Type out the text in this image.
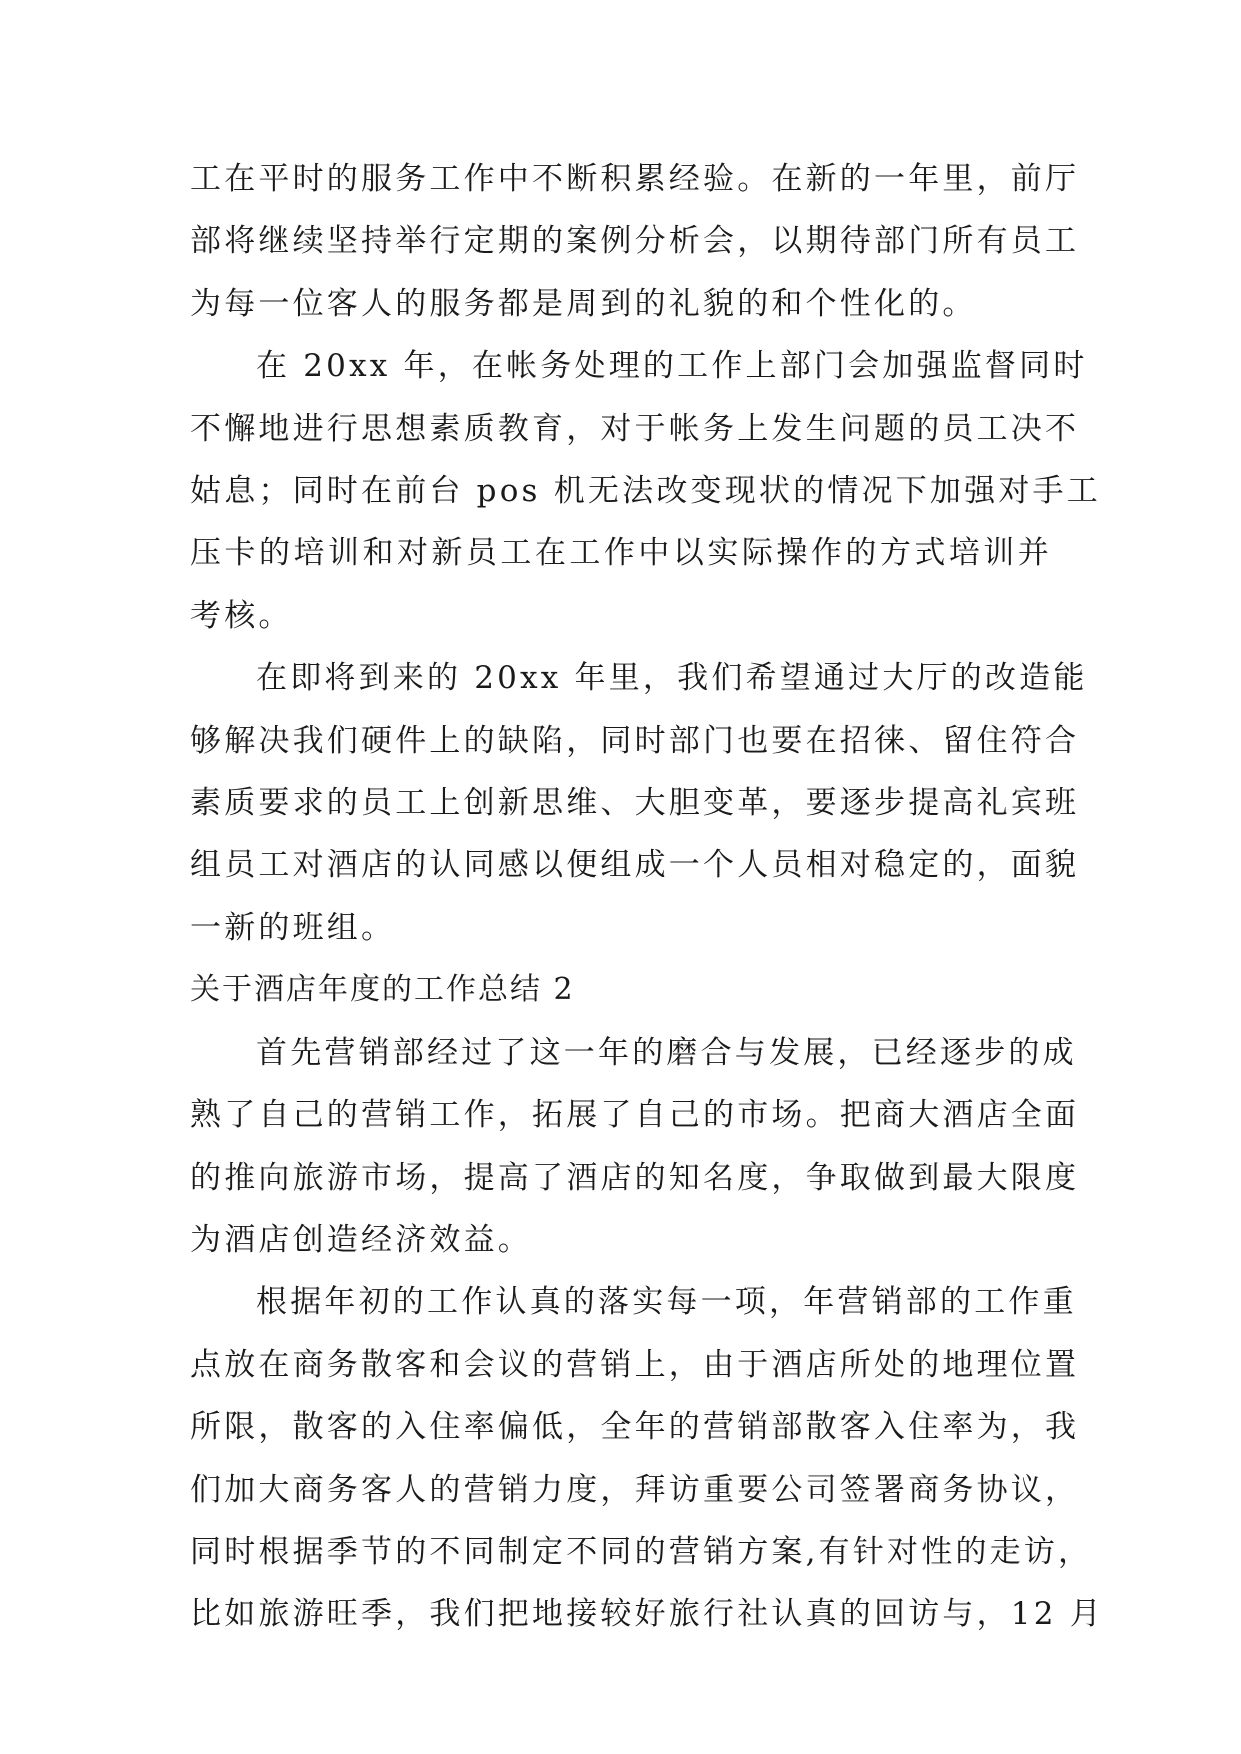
工在平时的服务工作中不断积累经验。在新的一年里，前厅
部将继续坚持举行定期的案例分析会，以期待部门所有员工
为每一位客人的服务都是周到的礼貌的和个性化的。
在 20xx 年，在帐务处理的工作上部门会加强监督同时
不懈地进行思想素质教育，对于帐务上发生问题的员工决不
姑息；同时在前台 pos 机无法改变现状的情况下加强对手工
压卡的培训和对新员工在工作中以实际操作的方式培训并
考核。
在即将到来的 20xx 年里，我们希望通过大厅的改造能
够解决我们硬件上的缺陷，同时部门也要在招徕、留住符合
素质要求的员工上创新思维、大胆变革，要逐步提高礼宾班
组员工对酒店的认同感以便组成一个人员相对稳定的，面貌
一新的班组。
关于酒店年度的工作总结 2
首先营销部经过了这一年的磨合与发展，已经逐步的成
熟了自己的营销工作，拓展了自己的市场。把商大酒店全面
的推向旅游市场，提高了酒店的知名度，争取做到最大限度
为酒店创造经济效益。
根据年初的工作认真的落实每一项，年营销部的工作重
点放在商务散客和会议的营销上，由于酒店所处的地理位置
所限，散客的入住率偏低，全年的营销部散客入住率为，我
们加大商务客人的营销力度，拜访重要公司签署商务协议，
同时根据季节的不同制定不同的营销方案,有针对性的走访，
比如旅游旺季，我们把地接较好旅行社认真的回访与，12 月
